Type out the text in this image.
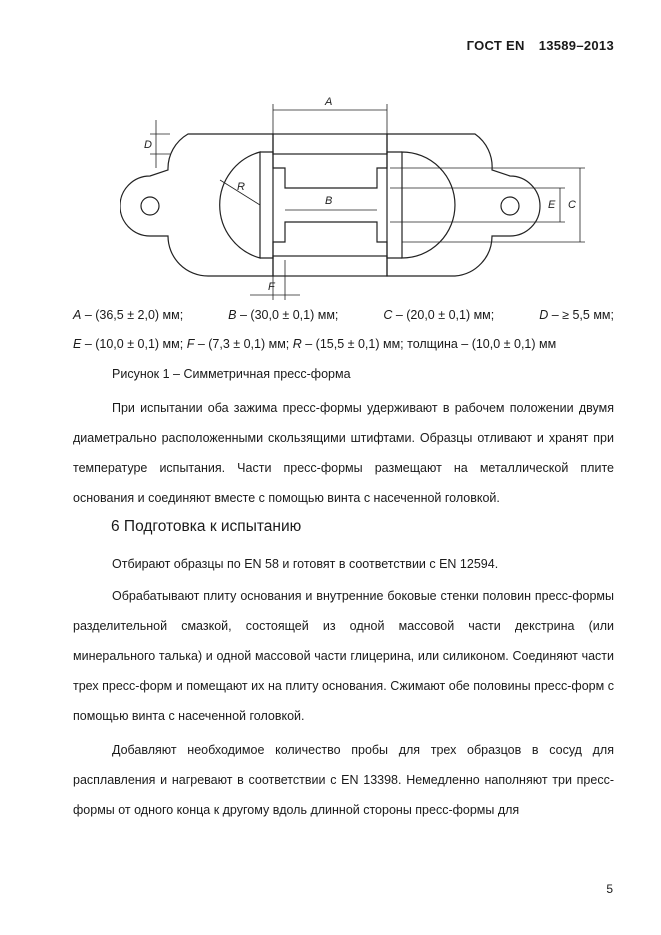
ГОСТ EN 13589–2013
A
B
D
E C
F
R
A – (36,5 ± 2,0) мм;	B – (30,0 ± 0,1) мм;	C – (20,0 ± 0,1) мм;	D – ≥ 5,5 мм;
E – (10,0 ± 0,1) мм; F – (7,3 ± 0,1) мм; R – (15,5 ± 0,1) мм; толщина – (10,0 ± 0,1) мм
Рисунок 1 – Симметричная пресс-форма
При испытании оба зажима пресс-формы удерживают в рабочем положении двумя диаметрально расположенными скользящими штифтами. Образцы отливают и хранят при температуре испытания. Части пресс-формы размещают на металлической плите основания и соединяют вместе с помощью винта с насеченной головкой.
6 Подготовка к испытанию
Отбирают образцы по EN 58 и готовят в соответствии с EN 12594.
Обрабатывают плиту основания и внутренние боковые стенки половин пресс-формы разделительной смазкой, состоящей из одной массовой части декстрина (или минерального талька) и одной массовой части глицерина, или силиконом. Соединяют части трех пресс-форм и помещают их на плиту основания. Сжимают обе половины пресс-форм с помощью винта с насеченной головкой.
Добавляют необходимое количество пробы для трех образцов в сосуд для расплавления и нагревают в соответствии с EN 13398. Немедленно наполняют три пресс-формы от одного конца к другому вдоль длинной стороны пресс-формы для
5
